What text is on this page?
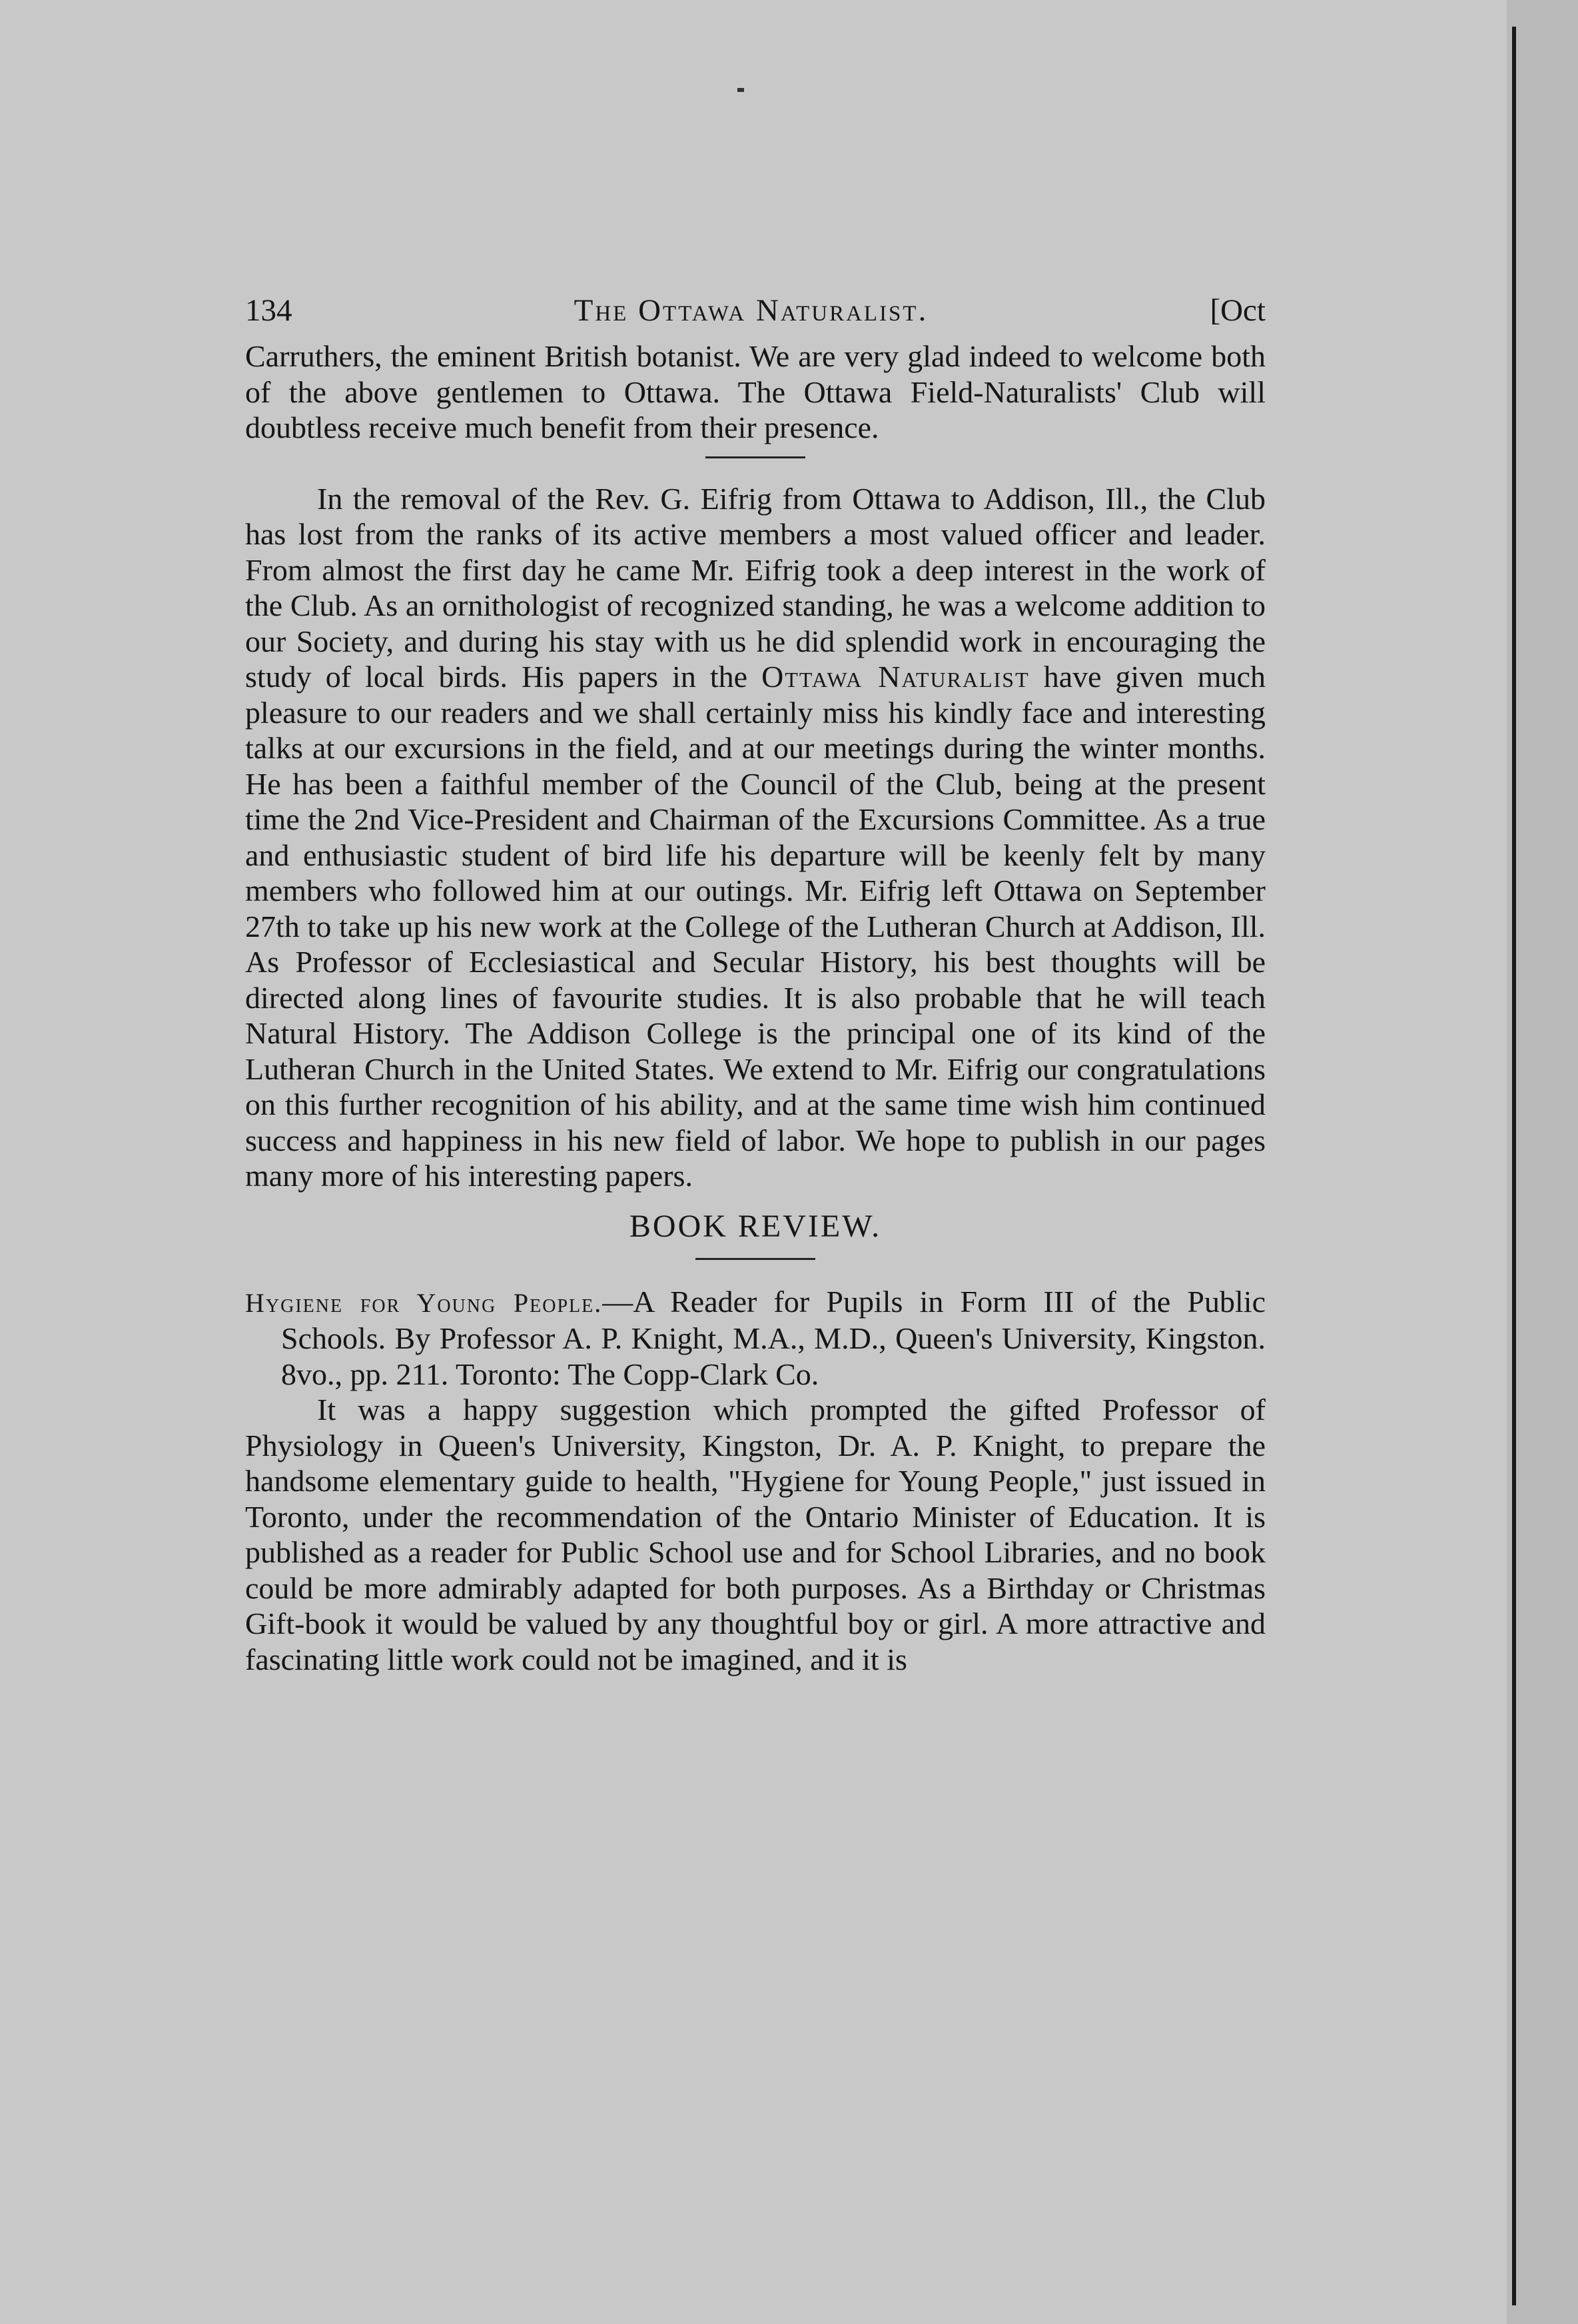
134	The Ottawa Naturalist.	[Oct

Carruthers, the eminent British botanist. We are very glad indeed to welcome both of the above gentlemen to Ottawa. The Ottawa Field-Naturalists' Club will doubtless receive much benefit from their presence.

In the removal of the Rev. G. Eifrig from Ottawa to Addison, Ill., the Club has lost from the ranks of its active members a most valued officer and leader. From almost the first day he came Mr. Eifrig took a deep interest in the work of the Club. As an ornithologist of recognized standing, he was a welcome addition to our Society, and during his stay with us he did splendid work in encouraging the study of local birds. His papers in the Ottawa Naturalist have given much pleasure to our readers and we shall certainly miss his kindly face and interesting talks at our excursions in the field, and at our meetings during the winter months. He has been a faithful member of the Council of the Club, being at the present time the 2nd Vice-President and Chairman of the Excursions Committee. As a true and enthusiastic student of bird life his departure will be keenly felt by many members who followed him at our outings. Mr. Eifrig left Ottawa on September 27th to take up his new work at the College of the Lutheran Church at Addison, Ill. As Professor of Ecclesiastical and Secular History, his best thoughts will be directed along lines of favourite studies. It is also probable that he will teach Natural History. The Addison College is the principal one of its kind of the Lutheran Church in the United States. We extend to Mr. Eifrig our congratulations on this further recognition of his ability, and at the same time wish him continued success and happiness in his new field of labor. We hope to publish in our pages many more of his interesting papers.

BOOK REVIEW.

Hygiene for Young People.—A Reader for Pupils in Form III of the Public Schools. By Professor A. P. Knight, M.A., M.D., Queen's University, Kingston. 8vo., pp. 211. Toronto: The Copp-Clark Co.

It was a happy suggestion which prompted the gifted Professor of Physiology in Queen's University, Kingston, Dr. A. P. Knight, to prepare the handsome elementary guide to health, "Hygiene for Young People," just issued in Toronto, under the recommendation of the Ontario Minister of Education. It is published as a reader for Public School use and for School Libraries, and no book could be more admirably adapted for both purposes. As a Birthday or Christmas Gift-book it would be valued by any thoughtful boy or girl. A more attractive and fascinating little work could not be imagined, and it is
